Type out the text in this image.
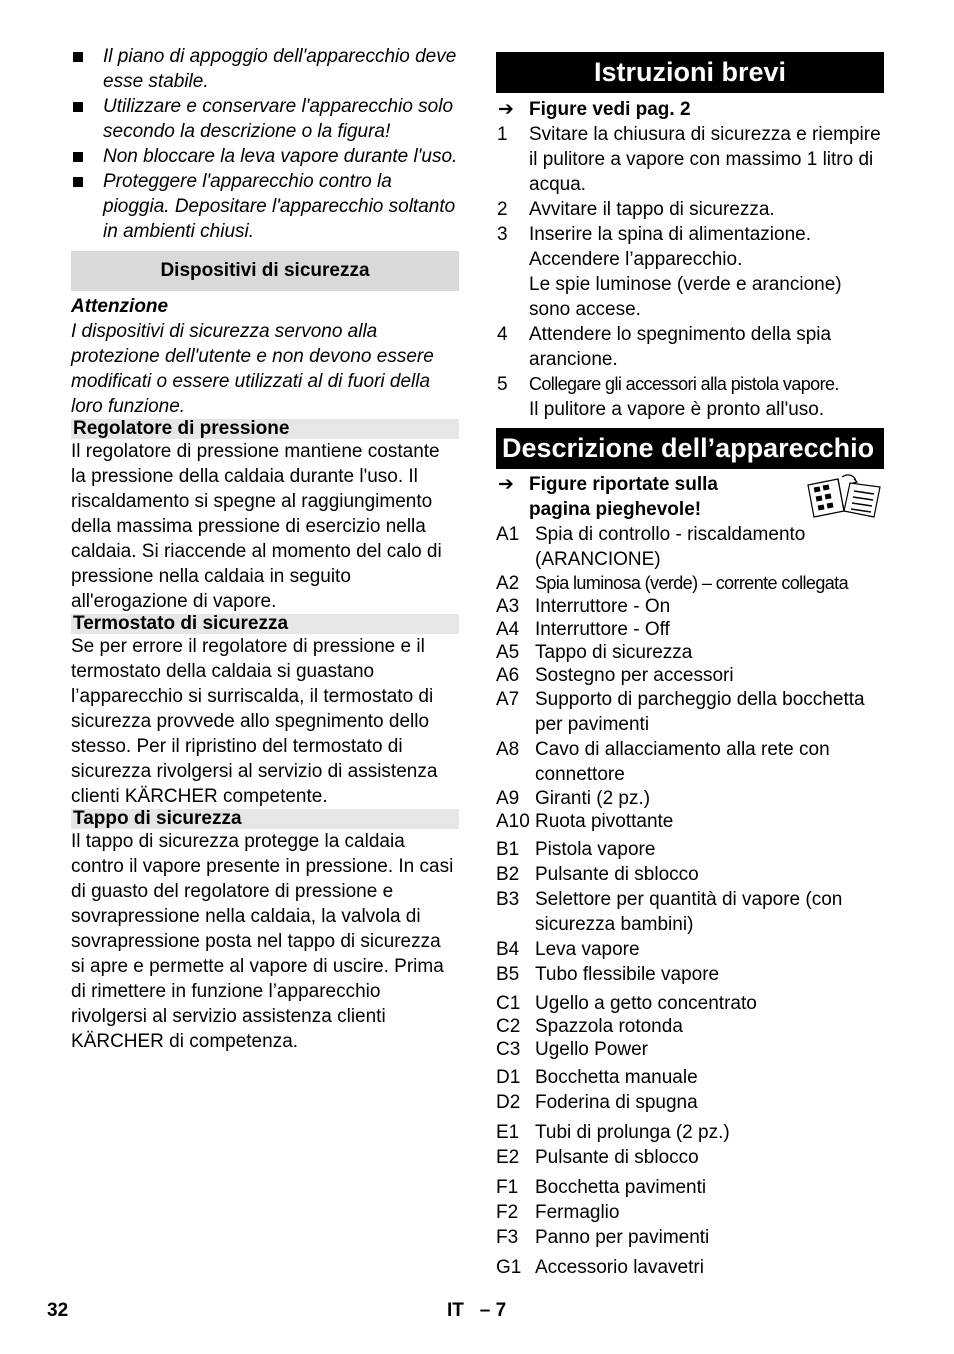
Il piano di appoggio dell'apparecchio deve esse stabile.
Utilizzare e conservare l'apparecchio solo secondo la descrizione o la figura!
Non bloccare la leva vapore durante l'uso.
Proteggere l'apparecchio contro la pioggia. Depositare l'apparecchio soltanto in ambienti chiusi.
Dispositivi di sicurezza
Attenzione
I dispositivi di sicurezza servono alla protezione dell'utente e non devono essere modificati o essere utilizzati al di fuori della loro funzione.
Regolatore di pressione

Il regolatore di pressione mantiene costante la pressione della caldaia durante l'uso. Il riscaldamento si spegne al raggiungimento della massima pressione di esercizio nella caldaia. Si riaccende al momento del calo di pressione nella caldaia in seguito all'erogazione di vapore.

Termostato di sicurezza

Se per errore il regolatore di pressione e il termostato della caldaia si guastano l’apparecchio si surriscalda, il termostato di sicurezza provvede allo spegnimento dello stesso. Per il ripristino del termostato di sicurezza rivolgersi al servizio di assistenza clienti KÄRCHER competente.

Tappo di sicurezza

Il tappo di sicurezza protegge la caldaia contro il vapore presente in pressione. In casi di guasto del regolatore di pressione e sovrapressione nella caldaia, la valvola di sovrapressione posta nel tappo di sicurezza si apre e permette al vapore di uscire. Prima di rimettere in funzione l’apparecchio rivolgersi al servizio assistenza clienti KÄRCHER di competenza.

Istruzioni brevi
➔ Figure vedi pag. 2
1 Svitare la chiusura di sicurezza e riempire il pulitore a vapore con massimo 1 litro di acqua.
2 Avvitare il tappo di sicurezza.
3 Inserire la spina di alimentazione.
Accendere l’apparecchio.
Le spie luminose (verde e arancione) sono accese.
4 Attendere lo spegnimento della spia arancione.
5 Collegare gli accessori alla pistola vapore.
Il pulitore a vapore è pronto all'uso.
Descrizione dell’apparecchio
➔ Figure riportate sulla pagina pieghevole!
A1 Spia di controllo - riscaldamento (ARANCIONE)
A2 Spia luminosa (verde) – corrente collegata
A3 Interruttore - On
A4 Interruttore - Off
A5 Tappo di sicurezza
A6 Sostegno per accessori
A7 Supporto di parcheggio della bocchetta per pavimenti
A8 Cavo di allacciamento alla rete con connettore
A9 Giranti (2 pz.)
A10 Ruota pivottante
B1 Pistola vapore
B2 Pulsante di sblocco
B3 Selettore per quantità di vapore (con sicurezza bambini)
B4 Leva vapore
B5 Tubo flessibile vapore
C1 Ugello a getto concentrato
C2 Spazzola rotonda
C3 Ugello Power
D1 Bocchetta manuale
D2 Foderina di spugna
E1 Tubi di prolunga (2 pz.)
E2 Pulsante di sblocco
F1 Bocchetta pavimenti
F2 Fermaglio
F3 Panno per pavimenti
G1 Accessorio lavavetri
32	IT   – 7
